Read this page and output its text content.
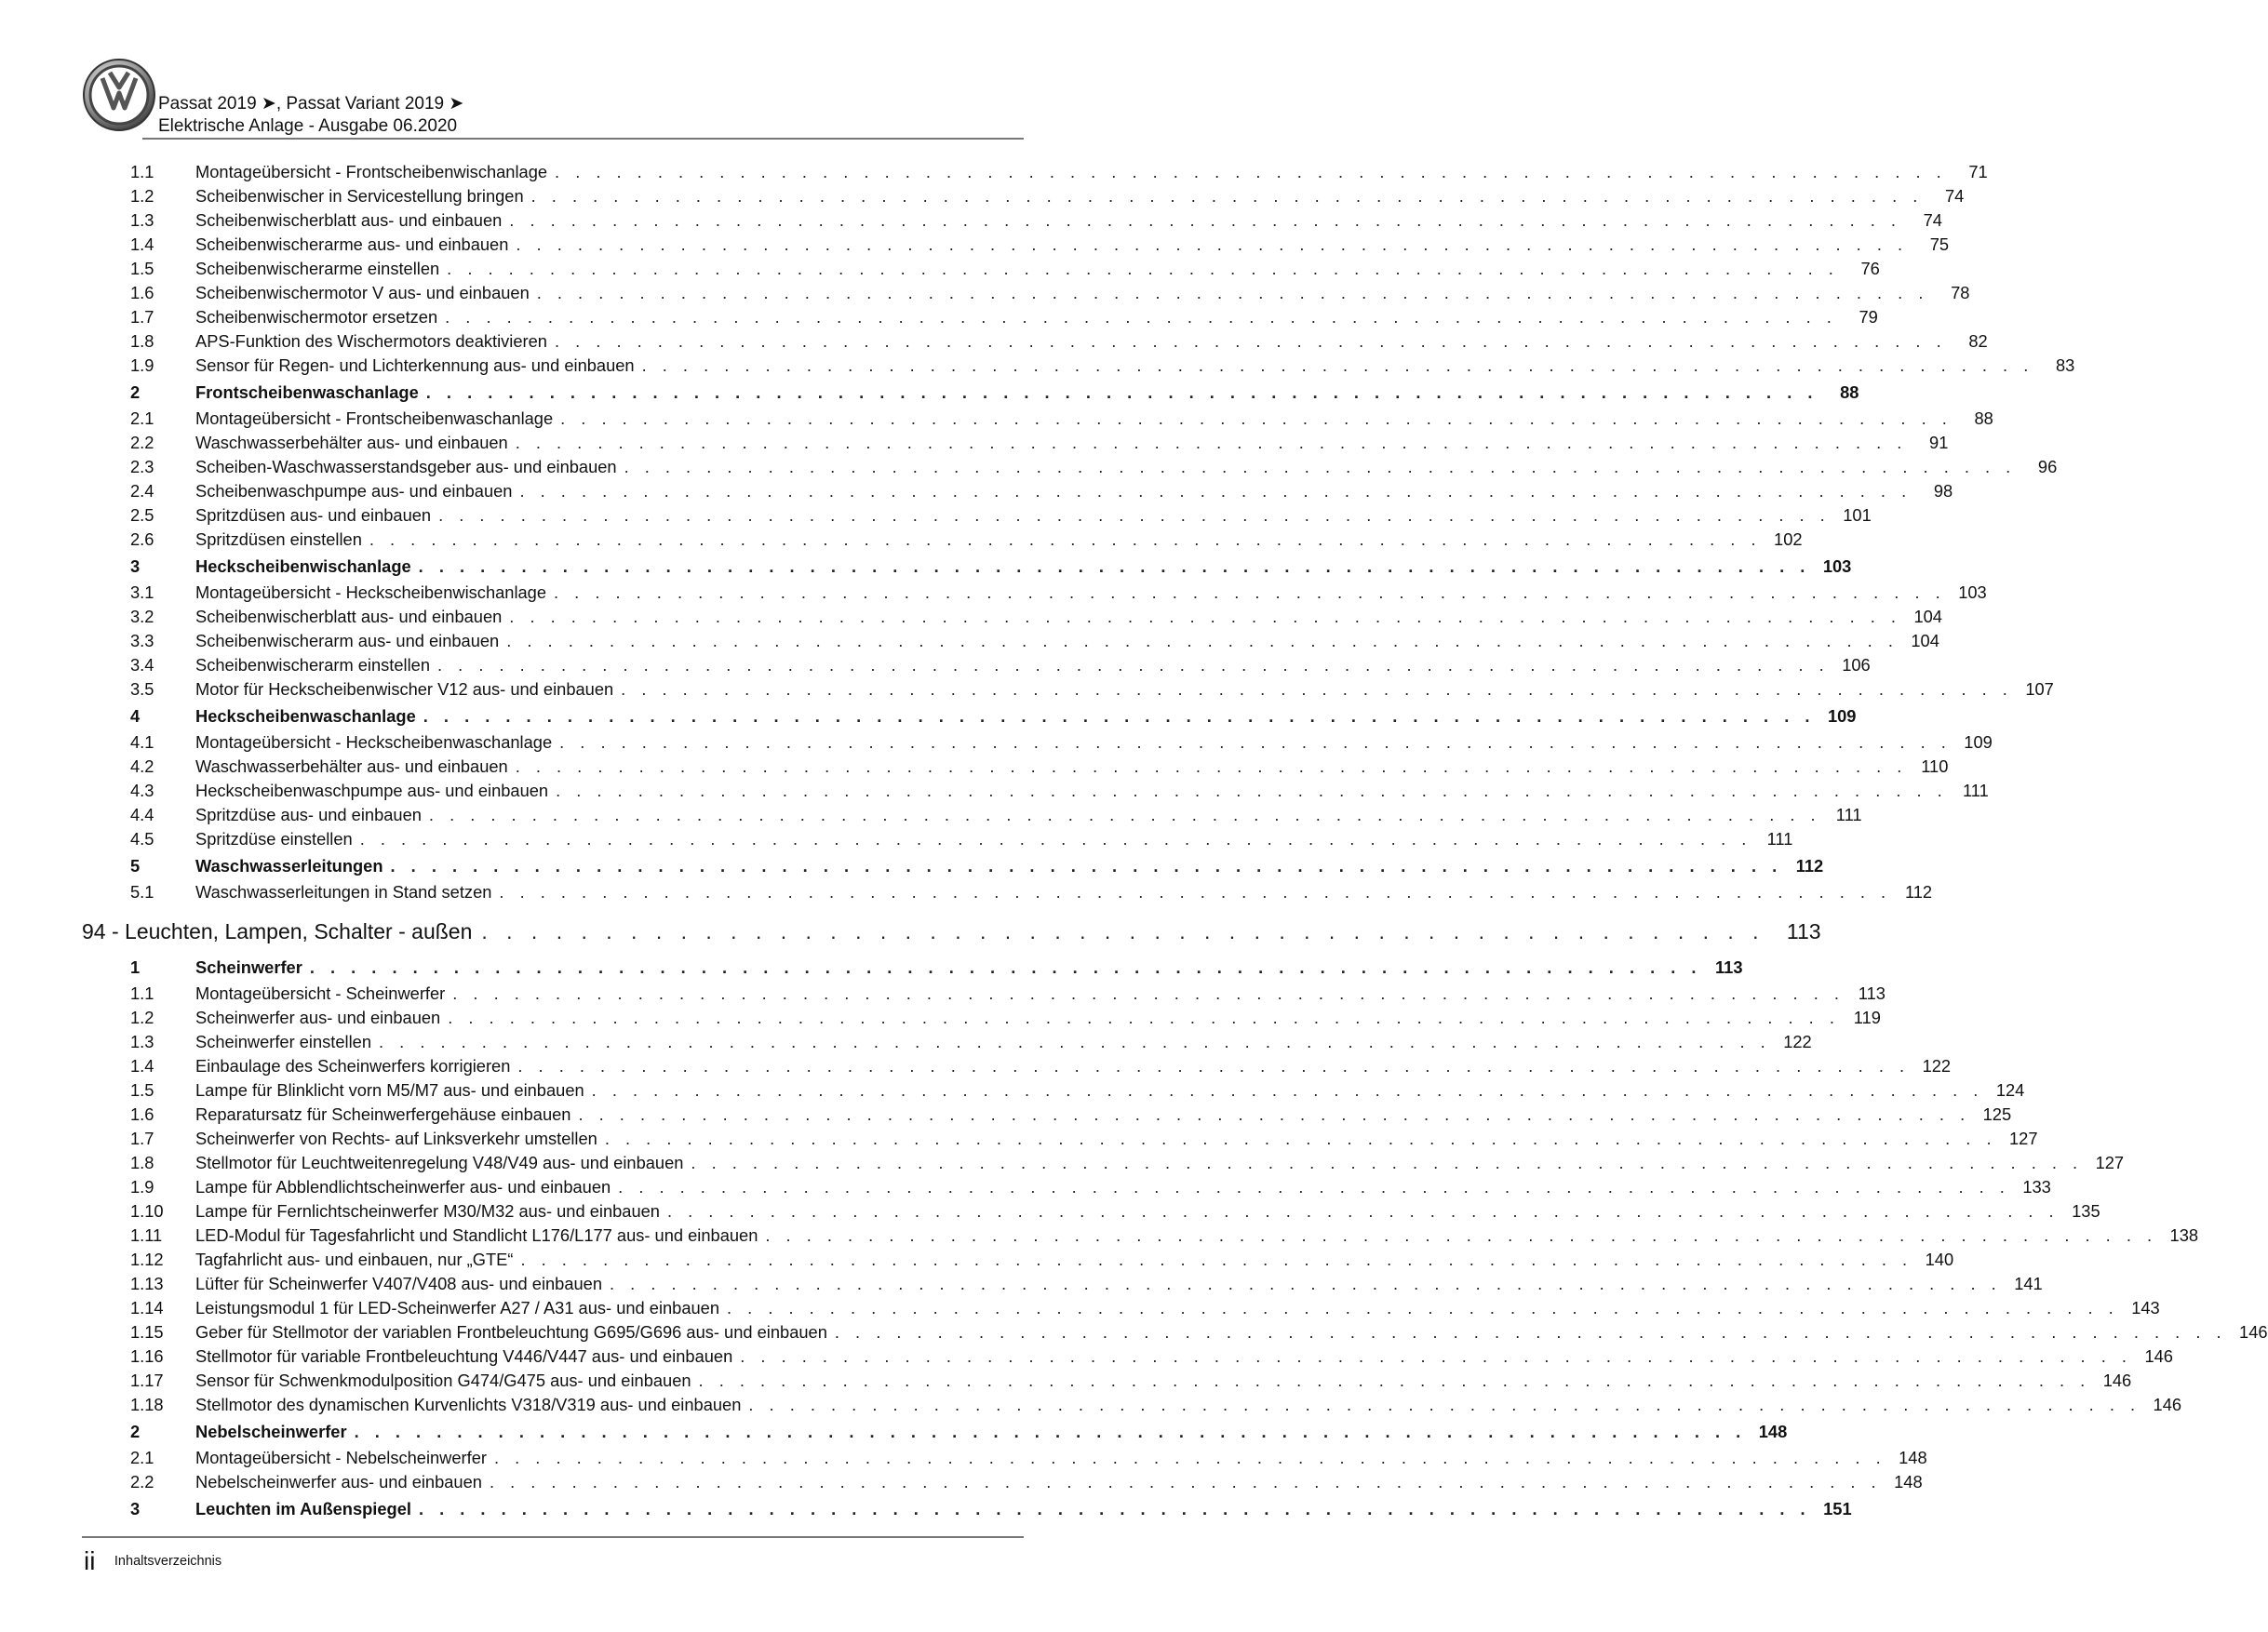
Passat 2019 ➤, Passat Variant 2019 ➤
Elektrische Anlage - Ausgabe 06.2020
1.1	Montageübersicht - Frontscheibenwischanlage . . . . . . . . . . . . . . . . . . . . . . . . . . . . . . . . . . . . . . . . . . . . . . . . . . . . . . . . . . . . . . . . . . . .	71
1.2	Scheibenwischer in Servicestellung bringen . . . . . . . . . . . . . . . . . . . . . . . . . . . . . . . . . . . . . . . . . . . . . . . . . . . . . . . . . . . . . . . . . . . .	74
1.3	Scheibenwischerblatt aus- und einbauen . . . . . . . . . . . . . . . . . . . . . . . . . . . . . . . . . . . . . . . . . . . . . . . . . . . . . . . . . . . . . . . . . . . .	74
1.4	Scheibenwischerarme aus- und einbauen . . . . . . . . . . . . . . . . . . . . . . . . . . . . . . . . . . . . . . . . . . . . . . . . . . . . . . . . . . . . . . . . . . . .	75
1.5	Scheibenwischerarme einstellen . . . . . . . . . . . . . . . . . . . . . . . . . . . . . . . . . . . . . . . . . . . . . . . . . . . . . . . . . . . . . . . . . . . .	76
1.6	Scheibenwischermotor V aus- und einbauen . . . . . . . . . . . . . . . . . . . . . . . . . . . . . . . . . . . . . . . . . . . . . . . . . . . . . . . . . . . . . . . . . . . .	78
1.7	Scheibenwischermotor ersetzen . . . . . . . . . . . . . . . . . . . . . . . . . . . . . . . . . . . . . . . . . . . . . . . . . . . . . . . . . . . . . . . . . . . .	79
1.8	APS-Funktion des Wischermotors deaktivieren . . . . . . . . . . . . . . . . . . . . . . . . . . . . . . . . . . . . . . . . . . . . . . . . . . . . . . . . . . . . . . . . . . . .	82
1.9	Sensor für Regen- und Lichterkennung aus- und einbauen . . . . . . . . . . . . . . . . . . . . . . . . . . . . . . . . . . . . . . . . . . . . . . . . . . . . . . . . . . . . . . . . . . . .	83
2	Frontscheibenwaschanlage . . . . . . . . . . . . . . . . . . . . . . . . . . . . . . . . . . . . . . . . . . . . . . . . . . . . . . . . . . . . . . . . . . . .	88
2.1	Montageübersicht - Frontscheibenwaschanlage . . . . . . . . . . . . . . . . . . . . . . . . . . . . . . . . . . . . . . . . . . . . . . . . . . . . . . . . . . . . . . . . . . . .	88
2.2	Waschwasserbehälter aus- und einbauen . . . . . . . . . . . . . . . . . . . . . . . . . . . . . . . . . . . . . . . . . . . . . . . . . . . . . . . . . . . . . . . . . . . .	91
2.3	Scheiben-Waschwasserstandsgeber aus- und einbauen . . . . . . . . . . . . . . . . . . . . . . . . . . . . . . . . . . . . . . . . . . . . . . . . . . . . . . . . . . . . . . . . . . . .	96
2.4	Scheibenwaschpumpe aus- und einbauen . . . . . . . . . . . . . . . . . . . . . . . . . . . . . . . . . . . . . . . . . . . . . . . . . . . . . . . . . . . . . . . . . . . .	98
2.5	Spritzdüsen aus- und einbauen . . . . . . . . . . . . . . . . . . . . . . . . . . . . . . . . . . . . . . . . . . . . . . . . . . . . . . . . . . . . . . . . . . . . 101
2.6	Spritzdüsen einstellen . . . . . . . . . . . . . . . . . . . . . . . . . . . . . . . . . . . . . . . . . . . . . . . . . . . . . . . . . . . . . . . . . . . . 102
3	Heckscheibenwischanlage . . . . . . . . . . . . . . . . . . . . . . . . . . . . . . . . . . . . . . . . . . . . . . . . . . . . . . . . . . . . . . . . . . . . 103
3.1	Montageübersicht - Heckscheibenwischanlage . . . . . . . . . . . . . . . . . . . . . . . . . . . . . . . . . . . . . . . . . . . . . . . . . . . . . . . . . . . . . . . . . . . . 103
3.2	Scheibenwischerblatt aus- und einbauen . . . . . . . . . . . . . . . . . . . . . . . . . . . . . . . . . . . . . . . . . . . . . . . . . . . . . . . . . . . . . . . . . . . . 104
3.3	Scheibenwischerarm aus- und einbauen . . . . . . . . . . . . . . . . . . . . . . . . . . . . . . . . . . . . . . . . . . . . . . . . . . . . . . . . . . . . . . . . . . . . 104
3.4	Scheibenwischerarm einstellen . . . . . . . . . . . . . . . . . . . . . . . . . . . . . . . . . . . . . . . . . . . . . . . . . . . . . . . . . . . . . . . . . . . . 106
3.5	Motor für Heckscheibenwischer V12 aus- und einbauen . . . . . . . . . . . . . . . . . . . . . . . . . . . . . . . . . . . . . . . . . . . . . . . . . . . . . . . . . . . . . . . . . . . . 107
4	Heckscheibenwaschanlage . . . . . . . . . . . . . . . . . . . . . . . . . . . . . . . . . . . . . . . . . . . . . . . . . . . . . . . . . . . . . . . . . . . . 109
4.1	Montageübersicht - Heckscheibenwaschanlage . . . . . . . . . . . . . . . . . . . . . . . . . . . . . . . . . . . . . . . . . . . . . . . . . . . . . . . . . . . . . . . . . . . . 109
4.2	Waschwasserbehälter aus- und einbauen . . . . . . . . . . . . . . . . . . . . . . . . . . . . . . . . . . . . . . . . . . . . . . . . . . . . . . . . . . . . . . . . . . . . 110
4.3	Heckscheibenwaschpumpe aus- und einbauen . . . . . . . . . . . . . . . . . . . . . . . . . . . . . . . . . . . . . . . . . . . . . . . . . . . . . . . . . . . . . . . . . . . . 111
4.4	Spritzdüse aus- und einbauen . . . . . . . . . . . . . . . . . . . . . . . . . . . . . . . . . . . . . . . . . . . . . . . . . . . . . . . . . . . . . . . . . . . . 111
4.5	Spritzdüse einstellen . . . . . . . . . . . . . . . . . . . . . . . . . . . . . . . . . . . . . . . . . . . . . . . . . . . . . . . . . . . . . . . . . . . . 111
5	Waschwasserleitungen . . . . . . . . . . . . . . . . . . . . . . . . . . . . . . . . . . . . . . . . . . . . . . . . . . . . . . . . . . . . . . . . . . . . 112
5.1	Waschwasserleitungen in Stand setzen . . . . . . . . . . . . . . . . . . . . . . . . . . . . . . . . . . . . . . . . . . . . . . . . . . . . . . . . . . . . . . . . . . . . 112
94 - Leuchten, Lampen, Schalter - außen . . . . . . . . . . . . . . . . . . . . . . . . . . . . . . . . . . . . . . . . . . . . . . . . . . . .	113
1	Scheinwerfer . . . . . . . . . . . . . . . . . . . . . . . . . . . . . . . . . . . . . . . . . . . . . . . . . . . . . . . . . . . . . . . . . . . . 113
1.1	Montageübersicht - Scheinwerfer . . . . . . . . . . . . . . . . . . . . . . . . . . . . . . . . . . . . . . . . . . . . . . . . . . . . . . . . . . . . . . . . . . . . 113
1.2	Scheinwerfer aus- und einbauen . . . . . . . . . . . . . . . . . . . . . . . . . . . . . . . . . . . . . . . . . . . . . . . . . . . . . . . . . . . . . . . . . . . . 119
1.3	Scheinwerfer einstellen . . . . . . . . . . . . . . . . . . . . . . . . . . . . . . . . . . . . . . . . . . . . . . . . . . . . . . . . . . . . . . . . . . . . 122
1.4	Einbaulage des Scheinwerfers korrigieren . . . . . . . . . . . . . . . . . . . . . . . . . . . . . . . . . . . . . . . . . . . . . . . . . . . . . . . . . . . . . . . . . . . . 122
1.5	Lampe für Blinklicht vorn M5/M7 aus- und einbauen . . . . . . . . . . . . . . . . . . . . . . . . . . . . . . . . . . . . . . . . . . . . . . . . . . . . . . . . . . . . . . . . . . . . 124
1.6	Reparatursatz für Scheinwerfergehäuse einbauen . . . . . . . . . . . . . . . . . . . . . . . . . . . . . . . . . . . . . . . . . . . . . . . . . . . . . . . . . . . . . . . . . . . . 125
1.7	Scheinwerfer von Rechts- auf Linksverkehr umstellen . . . . . . . . . . . . . . . . . . . . . . . . . . . . . . . . . . . . . . . . . . . . . . . . . . . . . . . . . . . . . . . . . . . . 127
1.8	Stellmotor für Leuchtweitenregelung V48/V49 aus- und einbauen . . . . . . . . . . . . . . . . . . . . . . . . . . . . . . . . . . . . . . . . . . . . . . . . . . . . . . . . . . . . . . . . . . . . 127
1.9	Lampe für Abblendlichtscheinwerfer aus- und einbauen . . . . . . . . . . . . . . . . . . . . . . . . . . . . . . . . . . . . . . . . . . . . . . . . . . . . . . . . . . . . . . . . . . . . 133
1.10	Lampe für Fernlichtscheinwerfer M30/M32 aus- und einbauen . . . . . . . . . . . . . . . . . . . . . . . . . . . . . . . . . . . . . . . . . . . . . . . . . . . . . . . . . . . . . . . . . . . . 135
1.11	LED-Modul für Tagesfahrlicht und Standlicht L176/L177 aus- und einbauen . . . . . . . . . . . . . . . . . . . . . . . . . . . . . . . . . . . . . . . . . . . . . . . . . . . . . . . . . . . . . . . . . . . . 138
1.12	Tagfahrlicht aus- und einbauen, nur „GTE“ . . . . . . . . . . . . . . . . . . . . . . . . . . . . . . . . . . . . . . . . . . . . . . . . . . . . . . . . . . . . . . . . . . . . 140
1.13	Lüfter für Scheinwerfer V407/V408 aus- und einbauen . . . . . . . . . . . . . . . . . . . . . . . . . . . . . . . . . . . . . . . . . . . . . . . . . . . . . . . . . . . . . . . . . . . . 141
1.14	Leistungsmodul 1 für LED-Scheinwerfer A27 / A31 aus- und einbauen . . . . . . . . . . . . . . . . . . . . . . . . . . . . . . . . . . . . . . . . . . . . . . . . . . . . . . . . . . . . . . . . . . . . 143
1.15	Geber für Stellmotor der variablen Frontbeleuchtung G695/G696 aus- und einbauen . . . . . . . . . . . . . . . . . . . . . . . . . . . . . . . . . . . . . . . . . . . . . . . . . . . . . . . . . . . . . . . . . . . . 146
1.16	Stellmotor für variable Frontbeleuchtung V446/V447 aus- und einbauen . . . . . . . . . . . . . . . . . . . . . . . . . . . . . . . . . . . . . . . . . . . . . . . . . . . . . . . . . . . . . . . . . . . . 146
1.17	Sensor für Schwenkmodulposition G474/G475 aus- und einbauen . . . . . . . . . . . . . . . . . . . . . . . . . . . . . . . . . . . . . . . . . . . . . . . . . . . . . . . . . . . . . . . . . . . . 146
1.18	Stellmotor des dynamischen Kurvenlichts V318/V319 aus- und einbauen . . . . . . . . . . . . . . . . . . . . . . . . . . . . . . . . . . . . . . . . . . . . . . . . . . . . . . . . . . . . . . . . . . . . 146
2	Nebelscheinwerfer . . . . . . . . . . . . . . . . . . . . . . . . . . . . . . . . . . . . . . . . . . . . . . . . . . . . . . . . . . . . . . . . . . . . 148
2.1	Montageübersicht - Nebelscheinwerfer . . . . . . . . . . . . . . . . . . . . . . . . . . . . . . . . . . . . . . . . . . . . . . . . . . . . . . . . . . . . . . . . . . . . 148
2.2	Nebelscheinwerfer aus- und einbauen . . . . . . . . . . . . . . . . . . . . . . . . . . . . . . . . . . . . . . . . . . . . . . . . . . . . . . . . . . . . . . . . . . . . 148
3	Leuchten im Außenspiegel . . . . . . . . . . . . . . . . . . . . . . . . . . . . . . . . . . . . . . . . . . . . . . . . . . . . . . . . . . . . . . . . . . . . 151
ii Inhaltsverzeichnis
